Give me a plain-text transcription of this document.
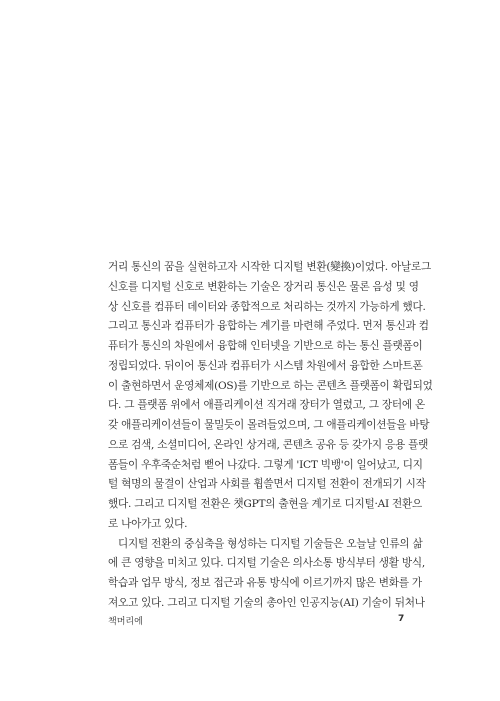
거리 통신의 꿈을 실현하고자 시작한 디지털 변환(變換)이었다. 아날로그
신호를 디지털 신호로 변환하는 기술은 장거리 통신은 물론 음성 및 영
상 신호를 컴퓨터 데이터와 종합적으로 처리하는 것까지 가능하게 했다.
그리고 통신과 컴퓨터가 융합하는 계기를 마련해 주었다. 먼저 통신과 컴
퓨터가 통신의 차원에서 융합해 인터넷을 기반으로 하는 통신 플랫폼이
정립되었다. 뒤이어 통신과 컴퓨터가 시스템 차원에서 융합한 스마트폰
이 출현하면서 운영체제(OS)를 기반으로 하는 콘텐츠 플랫폼이 확립되었
다. 그 플랫폼 위에서 애플리케이션 직거래 장터가 열렸고, 그 장터에 온
갖 애플리케이션들이 물밀듯이 몰려들었으며, 그 애플리케이션들을 바탕
으로 검색, 소셜미디어, 온라인 상거래, 콘텐츠 공유 등 갖가지 응용 플랫
폼들이 우후죽순처럼 뻗어 나갔다. 그렇게 'ICT 빅뱅'이 일어났고, 디지
털 혁명의 물결이 산업과 사회를 휩쓸면서 디지털 전환이 전개되기 시작
했다. 그리고 디지털 전환은 챗GPT의 출현을 계기로 디지털·AI 전환으
로 나아가고 있다.
디지털 전환의 중심축을 형성하는 디지털 기술들은 오늘날 인류의 삶
에 큰 영향을 미치고 있다. 디지털 기술은 의사소통 방식부터 생활 방식,
학습과 업무 방식, 정보 접근과 유통 방식에 이르기까지 많은 변화를 가
져오고 있다. 그리고 디지털 기술의 총아인 인공지능(AI) 기술이 뒤처나
책머리에	7
